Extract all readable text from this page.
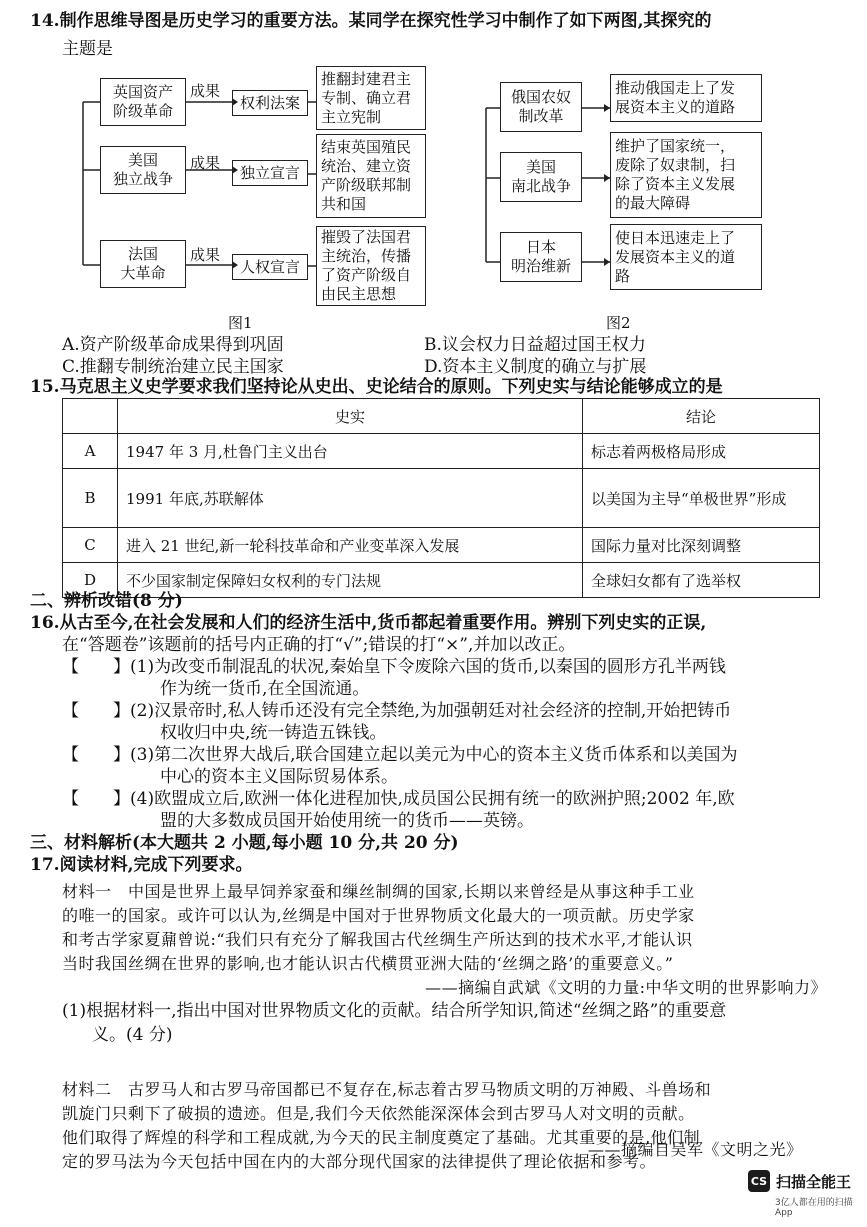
14.制作思维导图是历史学习的重要方法。某同学在探究性学习中制作了如下两图,其探究的
主题是
英国资产
阶级革命
成果
权利法案
推翻封建君主
专制、确立君
主立宪制
美国
独立战争
成果
独立宣言
结束英国殖民
统治、建立资
产阶级联邦制
共和国
法国
大革命
成果
人权宣言
摧毁了法国君
主统治，传播
了资产阶级自
由民主思想
图1
俄国农奴
制改革
推动俄国走上了发
展资本主义的道路
美国
南北战争
维护了国家统一，
废除了奴隶制，扫
除了资本主义发展
的最大障碍
日本
明治维新
使日本迅速走上了
发展资本主义的道
路
图2
A.资产阶级革命成果得到巩固	B.议会权力日益超过国王权力
C.推翻专制统治建立民主国家	D.资本主义制度的确立与扩展
15.马克思主义史学要求我们坚持论从史出、史论结合的原则。下列史实与结论能够成立的是
	史实	结论
A	1947 年 3 月,杜鲁门主义出台	标志着两极格局形成
B	1991 年底,苏联解体	以美国为主导“单极世界”形成
C	进入 21 世纪,新一轮科技革命和产业变革深入发展	国际力量对比深刻调整
D	不少国家制定保障妇女权利的专门法规	全球妇女都有了选举权
二、辨析改错(8 分)
16.从古至今,在社会发展和人们的经济生活中,货币都起着重要作用。辨别下列史实的正误,
在“答题卷”该题前的括号内正确的打“√”;错误的打“×”,并加以改正。
【　　】(1)为改变币制混乱的状况,秦始皇下令废除六国的货币,以秦国的圆形方孔半两钱
作为统一货币,在全国流通。
【　　】(2)汉景帝时,私人铸币还没有完全禁绝,为加强朝廷对社会经济的控制,开始把铸币
权收归中央,统一铸造五铢钱。
【　　】(3)第二次世界大战后,联合国建立起以美元为中心的资本主义货币体系和以美国为
中心的资本主义国际贸易体系。
【　　】(4)欧盟成立后,欧洲一体化进程加快,成员国公民拥有统一的欧洲护照;2002 年,欧
盟的大多数成员国开始使用统一的货币——英镑。
三、材料解析(本大题共 2 小题,每小题 10 分,共 20 分)
17.阅读材料,完成下列要求。
材料一　中国是世界上最早饲养家蚕和缫丝制绸的国家,长期以来曾经是从事这种手工业
的唯一的国家。或许可以认为,丝绸是中国对于世界物质文化最大的一项贡献。历史学家
和考古学家夏鼐曾说:“我们只有充分了解我国古代丝绸生产所达到的技术水平,才能认识
当时我国丝绸在世界的影响,也才能认识古代横贯亚洲大陆的‘丝绸之路’的重要意义。”
——摘编自武斌《文明的力量:中华文明的世界影响力》
(1)根据材料一,指出中国对世界物质文化的贡献。结合所学知识,简述“丝绸之路”的重要意
义。(4 分)
材料二　古罗马人和古罗马帝国都已不复存在,标志着古罗马物质文明的万神殿、斗兽场和
凯旋门只剩下了破损的遗迹。但是,我们今天依然能深深体会到古罗马人对文明的贡献。
他们取得了辉煌的科学和工程成就,为今天的民主制度奠定了基础。尤其重要的是,他们制
定的罗马法为今天包括中国在内的大部分现代国家的法律提供了理论依据和参考。
——摘编自吴军《文明之光》
CS 扫描全能王
3亿人都在用的扫描App
